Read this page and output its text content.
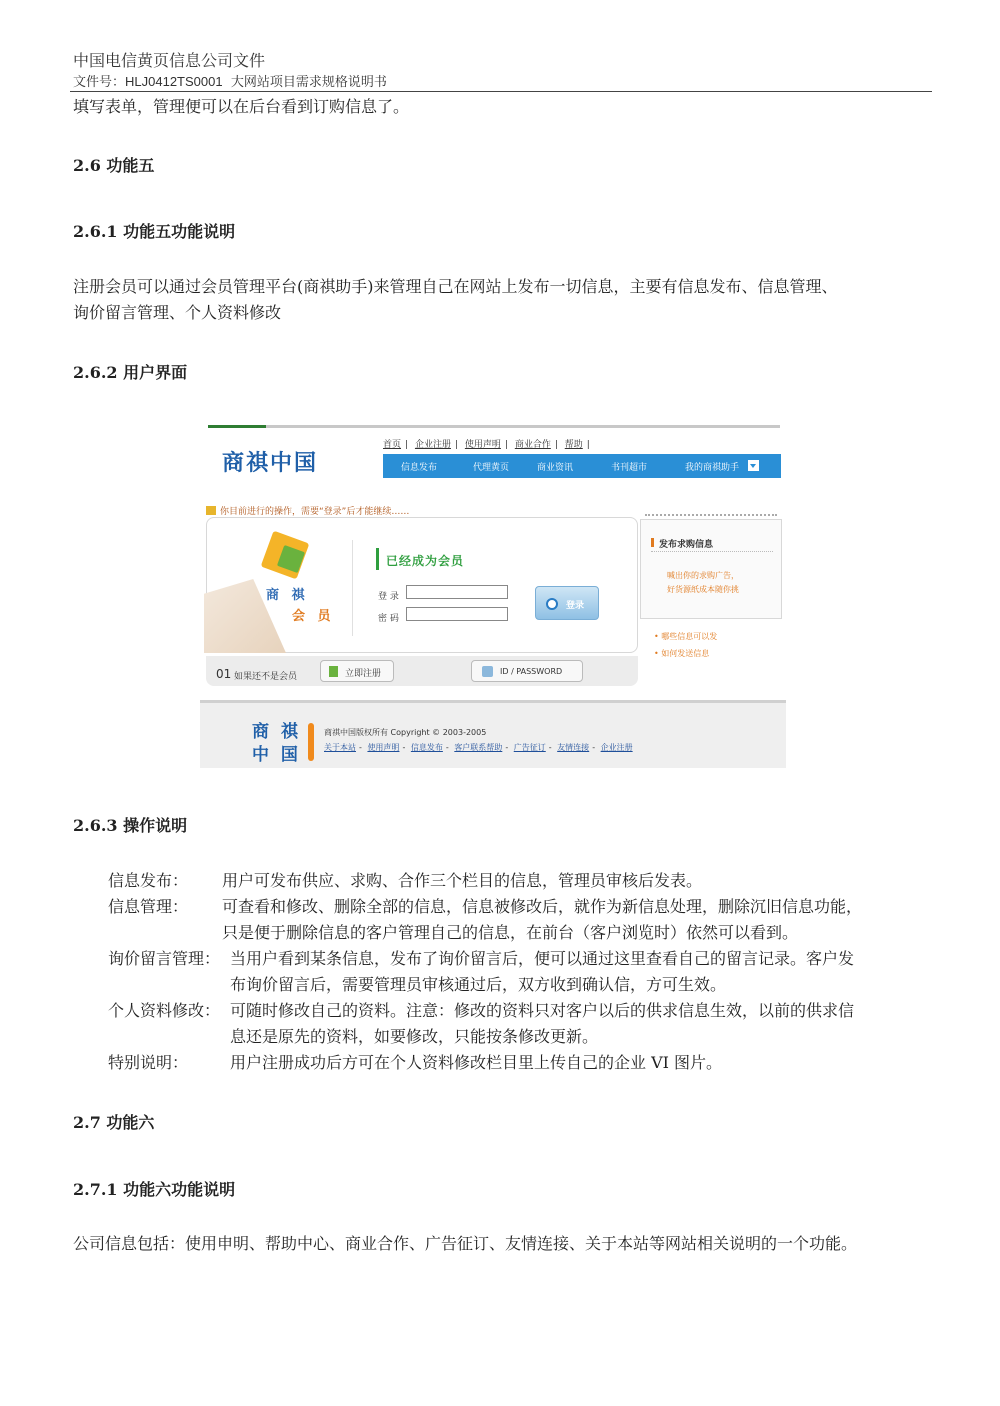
中国电信黄页信息公司文件
文件号：HLJ0412TS0001 大网站项目需求规格说明书
填写表单，管理便可以在后台看到订购信息了。
2.6 功能五
2.6.1 功能五功能说明
注册会员可以通过会员管理平台(商祺助手)来管理自己在网站上发布一切信息，主要有信息发布、信息管理、
询价留言管理、个人资料修改
2.6.2 用户界面
商祺中国
首页 | 企业注册 | 使用声明 | 商业合作 | 帮助 |
信息发布	代理黄页	商业资讯	书刊超市	我的商祺助手
你目前进行的操作，需要“登录”后才能继续……
商 祺
会 员
已经成为会员
登 录
密 码
登录
01 如果还不是会员	立即注册	ID / PASSWORD
发布求购信息
喊出你的求购广告，
好货源纸成本随你挑
• 哪些信息可以发
• 如何发送信息
商 祺
中 国
商祺中国版权所有 Copyright © 2003-2005
关于本站 - 使用声明 - 信息发布 - 客户联系帮助 - 广告征订 - 友情连接 - 企业注册
2.6.3 操作说明
信息发布：	用户可发布供应、求购、合作三个栏目的信息，管理员审核后发表。
信息管理：	可查看和修改、删除全部的信息，信息被修改后，就作为新信息处理，删除沉旧信息功能，
只是便于删除信息的客户管理自己的信息，在前台（客户浏览时）依然可以看到。
询价留言管理： 当用户看到某条信息，发布了询价留言后，便可以通过这里查看自己的留言记录。客户发
布询价留言后，需要管理员审核通过后，双方收到确认信，方可生效。
个人资料修改： 可随时修改自己的资料。注意：修改的资料只对客户以后的供求信息生效，以前的供求信
息还是原先的资料，如要修改，只能按条修改更新。
特别说明：	用户注册成功后方可在个人资料修改栏目里上传自己的企业 VI 图片。
2.7 功能六
2.7.1 功能六功能说明
公司信息包括：使用申明、帮助中心、商业合作、广告征订、友情连接、关于本站等网站相关说明的一个功能。
